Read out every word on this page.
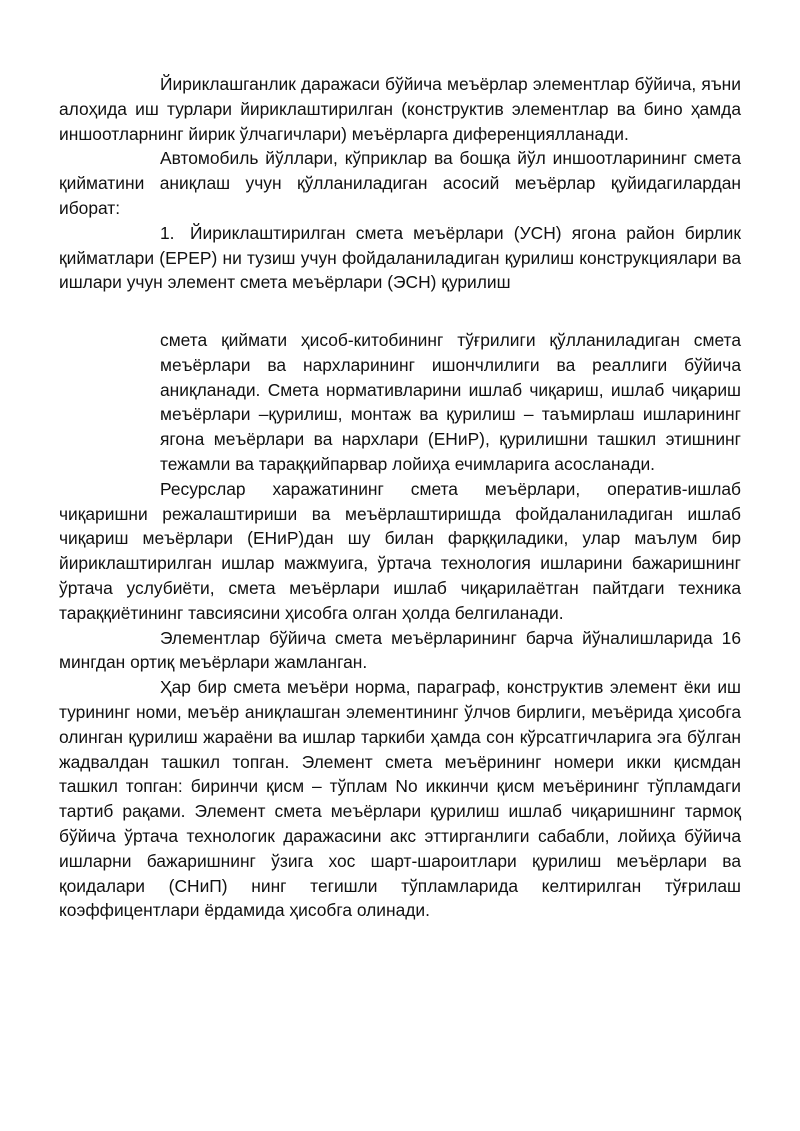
Йириклашганлик даражаси бўйича меъёрлар элементлар бўйича, яъни алоҳида иш турлари йириклаштирилган (конструктив элементлар ва бино ҳамда иншоотларнинг йирик ўлчагичлари) меъёрларга диференциялланади.

Автомобиль йўллари, кўприклар ва бошқа йўл иншоотларининг смета қийматини аниқлаш учун қўлланиладиган асосий меъёрлар қуйидагилардан иборат:

1. Йириклаштирилган смета меъёрлари (УСН) ягона район бирлик қийматлари (ЕРЕР) ни тузиш учун фойдаланиладиган қурилиш конструкциялари ва ишлари учун элемент смета меъёрлари (ЭСН) қурилиш

смета қиймати ҳисоб-китобининг тўғрилиги қўлланиладиган смета меъёрлари ва нархларининг ишончлилиги ва реаллиги бўйича аниқланади. Смета нормативларини ишлаб чиқариш, ишлаб чиқариш меъёрлари –қурилиш, монтаж ва қурилиш – таъмирлаш ишларининг ягона меъёрлари ва нархлари (ЕНиР), қурилишни ташкил этишнинг тежамли ва тараққийпарвар лойиҳа ечимларига асосланади.

Ресурслар харажатининг смета меъёрлари, оператив-ишлаб чиқаришни режалаштириши ва меъёрлаштиришда фойдаланиладиган ишлаб чиқариш меъёрлари (ЕНиР)дан шу билан фарққиладики, улар маълум бир йириклаштирилган ишлар мажмуига, ўртача технология ишларини бажаришнинг ўртача услубиёти, смета меъёрлари ишлаб чиқарилаётган пайтдаги техника тараққиётининг тавсиясини ҳисобга олган ҳолда белгиланади.

Элементлар бўйича смета меъёрларининг барча йўналишларида 16 мингдан ортиқ меъёрлари жамланган.

Ҳар бир смета меъёри норма, параграф, конструктив элемент ёки иш турининг номи, меъёр аниқлашган элементининг ўлчов бирлиги, меъёрида ҳисобга олинган қурилиш жараёни ва ишлар таркиби ҳамда сон кўрсатгичларига эга бўлган жадвалдан ташкил топган. Элемент смета меъёрининг номери икки қисмдан ташкил топган: биринчи қисм – тўплам No иккинчи қисм меъёрининг тўпламдаги тартиб рақами. Элемент смета меъёрлари қурилиш ишлаб чиқаришнинг тармоқ бўйича ўртача технологик даражасини акс эттирганлиги сабабли, лойиҳа бўйича ишларни бажаришнинг ўзига хос шарт-шароитлари қурилиш меъёрлари ва қоидалари (СНиП) нинг тегишли тўпламларида келтирилган тўғрилаш коэффицентлари ёрдамида ҳисобга олинади.
